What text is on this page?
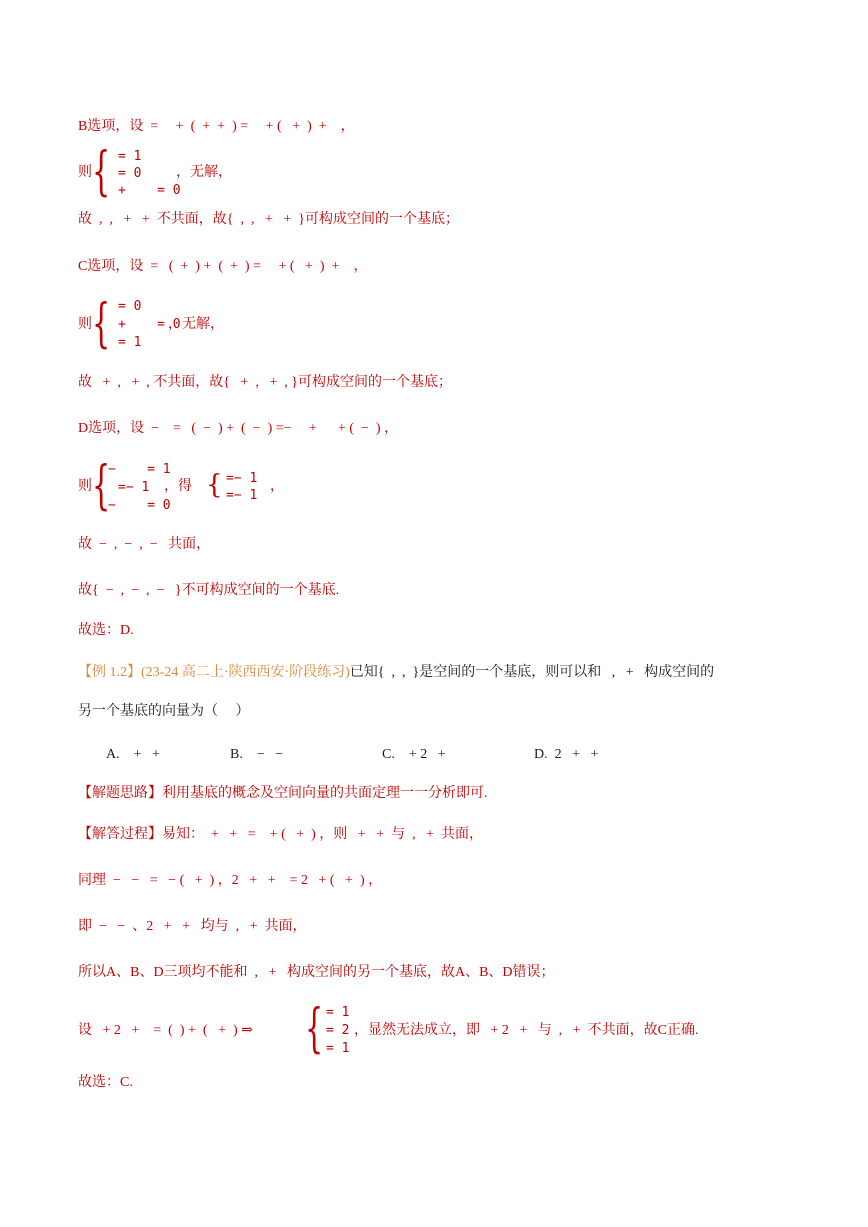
B选项，设  =     +  (  +  +  ) =     + (   +  )  +    ，
则 { = 1
= 0
+    = 0
，无解，
故  ,  ,   +   +  不共面，故{  ,  ,   +   +  }可构成空间的一个基底；
C选项，设  =   (  +  ) +  (  +  ) =     + (   +  )  +    ，
则 { = 0
+    = 0
= 1
，无解，
故   +  ,   +  , 不共面，故{   +  ,   +  , }可构成空间的一个基底；
D选项，设  −    =   (  −  ) +  (  −  ) =−     +      + (  −  ) ，
则 {
−    = 1
=− 1
−    = 0
，得 { =− 1
=− 1
，
故  −  ,  −  ,  −   共面，
故{  −  ,  −  ,  −   }不可构成空间的一个基底.
故选：D.
【例 1.2】(23-24 高二上·陕西西安·阶段练习)已知{  ,  ,  }是空间的一个基底，则可以和   ,   +   构成空间的
另一个基底的向量为（     ）
A.    +   +	B.    −   −	C.    + 2   +	D.  2   +   +
【解题思路】利用基底的概念及空间向量的共面定理一一分析即可.
【解答过程】易知：  +   +   =    + (   +  ) ，则   +   +  与  ,   +  共面，
同理  −   −   =   − (   +  ) ，2   +   +    = 2   + (   +  ) ，
即  −   −  、2   +   +   均与  ,   +  共面，
所以A、B、D三项均不能和  ,   +   构成空间的另一个基底，故A、B、D错误；
设   + 2   +    =  (  ) +  (   +  ) ⇒ { = 1
= 2
= 1
，显然无法成立，即   + 2   +   与  ,   +  不共面，故C正确.
故选：C.
